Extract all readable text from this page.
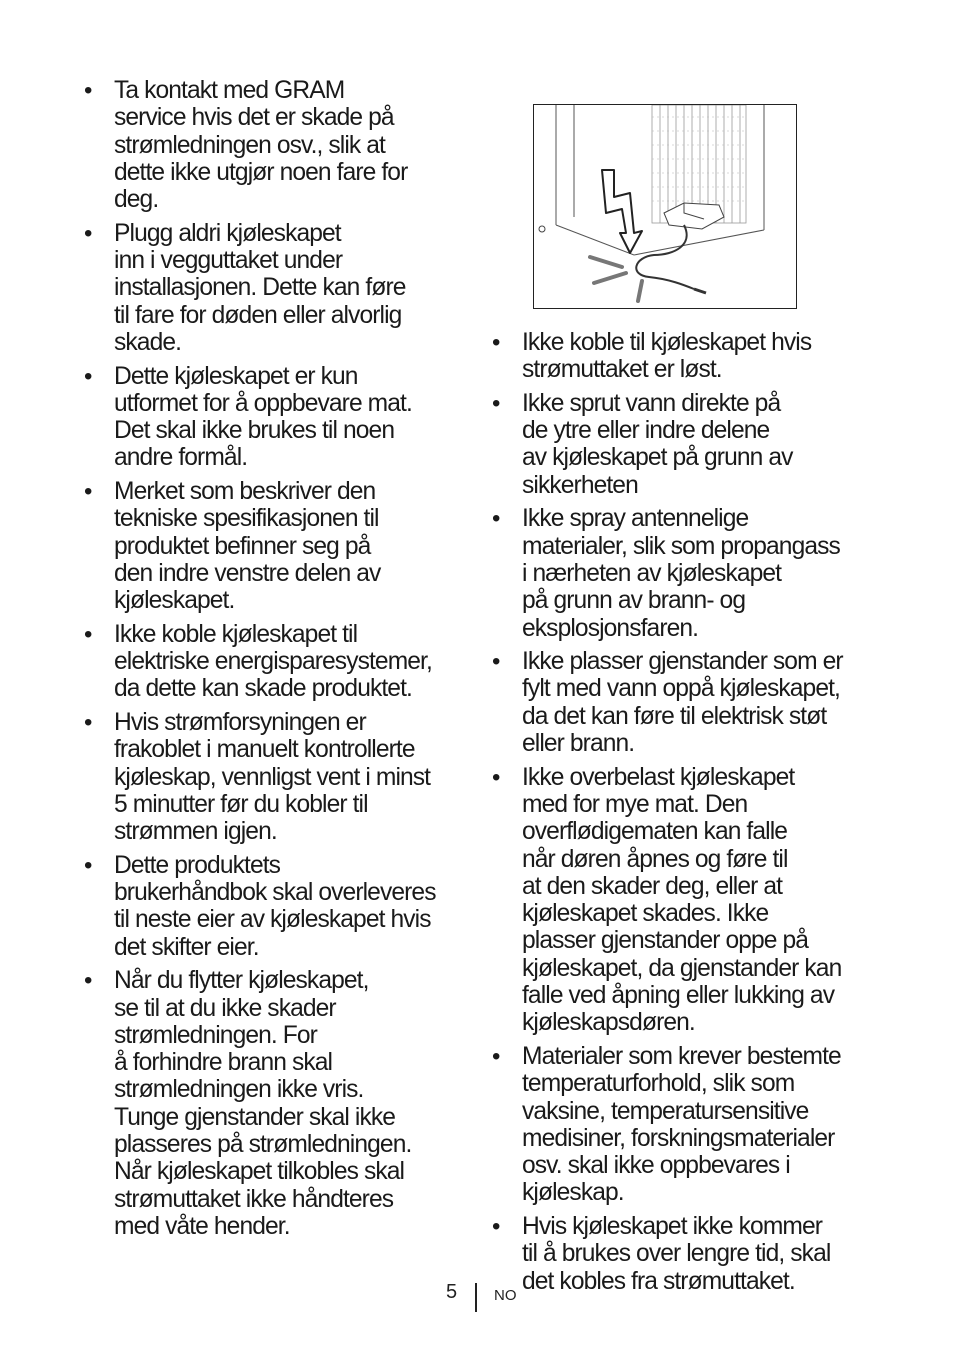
• Ta kontakt med GRAM
service hvis det er skade på
strømledningen osv., slik at
dette ikke utgjør noen fare for
deg.
• Plugg aldri kjøleskapet
inn i vegguttaket under
installasjonen. Dette kan føre
til fare for døden eller alvorlig
skade.
• Dette kjøleskapet er kun
utformet for å oppbevare mat.
Det skal ikke brukes til noen
andre formål.
• Merket som beskriver den
tekniske spesifikasjonen til
produktet befinner seg på
den indre venstre delen av
kjøleskapet.
• Ikke koble kjøleskapet til
elektriske energisparesystemer,
da dette kan skade produktet.
• Hvis strømforsyningen er
frakoblet i manuelt kontrollerte
kjøleskap, vennligst vent i minst
5 minutter før du kobler til
strømmen igjen.
• Dette produktets
brukerhåndbok skal overleveres
til neste eier av kjøleskapet hvis
det skifter eier.
• Når du flytter kjøleskapet,
se til at du ikke skader
strømledningen. For
å forhindre brann skal
strømledningen ikke vris.
Tunge gjenstander skal ikke
plasseres på strømledningen.
Når kjøleskapet tilkobles skal
strømuttaket ikke håndteres
med våte hender.
• Ikke koble til kjøleskapet hvis
strømuttaket er løst.
• Ikke sprut vann direkte på
de ytre eller indre delene
av kjøleskapet på grunn av
sikkerheten
• Ikke spray antennelige
materialer, slik som propangass
i nærheten av kjøleskapet
på grunn av brann- og
eksplosjonsfaren.
• Ikke plasser gjenstander som er
fylt med vann oppå kjøleskapet,
da det kan føre til elektrisk støt
eller brann.
• Ikke overbelast kjøleskapet
med for mye mat. Den
overflødigematen kan falle
når døren åpnes og føre til
at den skader deg, eller at
kjøleskapet skades. Ikke
plasser gjenstander oppe på
kjøleskapet, da gjenstander kan
falle ved åpning eller lukking av
kjøleskapsdøren.
• Materialer som krever bestemte
temperaturforhold, slik som
vaksine, temperatursensitive
medisiner, forskningsmaterialer
osv. skal ikke oppbevares i
kjøleskap.
• Hvis kjøleskapet ikke kommer
til å brukes over lengre tid, skal
det kobles fra strømuttaket.
5 NO
